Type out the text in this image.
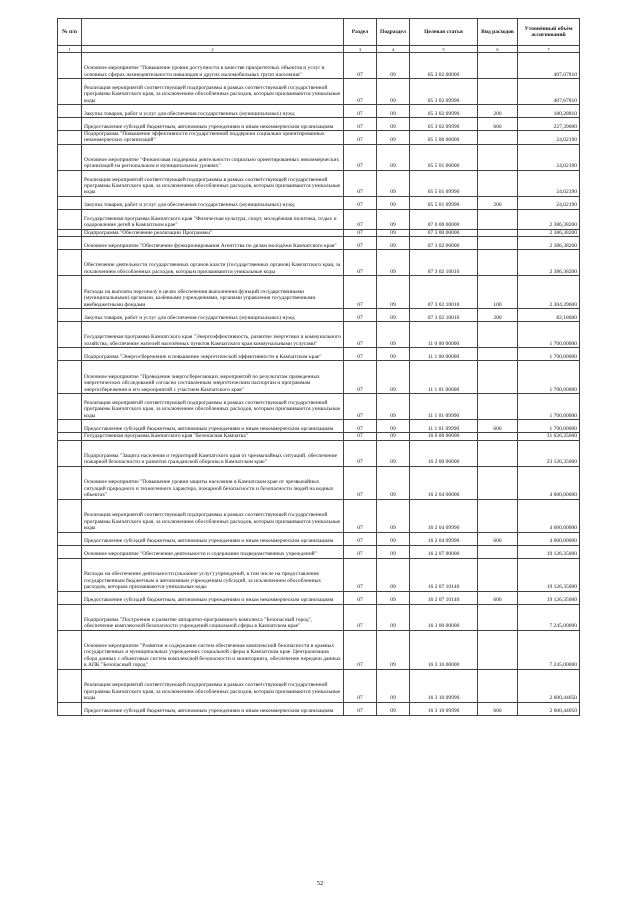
№ п/п		Раздел	Подраздел	Целевая статья	Вид расходов	Уточнённый объём ассигнований
1	2	3	4	5	6	7
	Основное мероприятие "Повышение уровня доступности в качестве приоритетных объектов и услуг в основных сферах жизнедеятельности инвалидов и других маломобильных групп населения"	07	09	05 3 02 00000		407,67810
	Реализация мероприятий соответствующей подпрограммы в рамках соответствующей государственной программы Камчатского края, за исключением обособленных расходов, которым присваиваются уникальные коды	07	09	05 3 02 09990		407,67810
	Закупка товаров, работ и услуг для обеспечения государственных (муниципальных) нужд	07	09	05 3 02 09990	200	180,28810
	Предоставление субсидий бюджетным, автономным учреждениям и иным некоммерческим организациям	07	09	05 3 02 09990	600	227,39000
	Подпрограмма "Повышение эффективности государственной поддержки социально ориентированных некоммерческих организаций"	07	09	05 5 00 00000		24,02190
	Основное мероприятие "Финансовая поддержка деятельности социально ориентированных некоммерческих организаций на региональном и муниципальном уровнях"	07	09	05 5 01 00000		24,02190
	Реализация мероприятий соответствующей подпрограммы в рамках соответствующей государственной программы Камчатского края, за исключением обособленных расходов, которым присваиваются уникальные коды	07	09	05 5 01 09990		24,02190
	Закупка товаров, работ и услуг для обеспечения государственных (муниципальных) нужд	07	09	05 5 01 09990	200	24,02190
	Государственная программа Камчатского края "Физическая культура, спорт, молодёжная политика, отдых и оздоровление детей в Камчатском крае"	07	09	07 0 00 00000		2 386,38200
	Подпрограмма "Обеспечение реализации Программы"	07	09	07 3 00 00000		2 386,38200
	Основное мероприятие "Обеспечение функционирования Агентства по делам молодёжи Камчатского края"	07	09	07 3 02 00000		2 386,38200
	Обеспечение деятельности государственных органов власти (государственных органов) Камчатского края, за исключением обособленных расходов, которым присваиваются уникальные коды	07	09	07 3 02 10010		2 386,38200
	Расходы на выплаты персоналу в целях обеспечения выполнения функций государственными (муниципальными) органами, казёнными учреждениями, органами управления государственными внебюджетными фондами	07	09	07 3 02 10010	100	2 304,39600
	Закупка товаров, работ и услуг для обеспечения государственных (муниципальных) нужд	07	09	07 3 02 10010	200	82,18600
	Государственная программа Камчатского края "Энергоэффективность, развитие энергетики и коммунального хозяйства, обеспечение жителей населённых пунктов Камчатского края коммунальными услугами"	07	09	11 0 00 00000		1 700,00000
	Подпрограмма "Энергосбережение и повышение энергетической эффективности в Камчатском крае"	07	09	11 1 00 00000		1 700,00000
	Основное мероприятие "Проведение энергосберегающих мероприятий по результатам проведенных энергетических обследований согласно составленным энергетическим паспортам и программам энергосбережения и его мероприятий с участием Камчатского края"	07	09	11 1 01 00000		1 700,00000
	Реализация мероприятий соответствующей подпрограммы в рамках соответствующей государственной программы Камчатского края, за исключением обособленных расходов, которым присваиваются уникальные коды	07	09	11 1 01 09990		1 700,00000
	Предоставление субсидий бюджетным, автономным учреждениям и иным некоммерческим организациям	07	09	11 1 01 09990	600	1 700,00000
	Государственная программа Камчатского края "Безопасная Камчатка"	07	09	16 0 00 00000		31 626,35000
	Подпрограмма "Защита населения и территорий Камчатского края от чрезвычайных ситуаций, обеспечение пожарной безопасности и развитие гражданской обороны в Камчатском крае"	07	09	16 2 00 00000		23 126,35000
	Основное мероприятие "Повышение уровня защиты населения в Камчатском крае от чрезвычайных ситуаций природного и техногенного характера, пожарной безопасности и безопасности людей на водных объектах"	07	09	16 2 04 00000		4 000,00000
	Реализация мероприятий соответствующей подпрограммы в рамках соответствующей государственной программы Камчатского края, за исключением обособленных расходов, которым присваиваются уникальные коды	07	09	16 2 04 09990		4 000,00000
	Предоставление субсидий бюджетным, автономным учреждениям и иным некоммерческим организациям	07	09	16 2 04 09990	600	4 000,00000
	Основное мероприятие "Обеспечение деятельности и содержание подведомственных учреждений"	07	09	16 2 07 00000		19 126,35000
	Расходы на обеспечение деятельности (оказание услуг) учреждений, в том числе на предоставление государственным бюджетным и автономным учреждениям субсидий, за исключением обособленных расходов, которым присваиваются уникальные коды	07	09	16 2 07 10140		19 126,35000
	Предоставление субсидий бюджетным, автономным учреждениям и иным некоммерческим организациям	07	09	16 2 07 10140	600	19 126,35000
	Подпрограмма "Построение и развитие аппаратно-программного комплекса "Безопасный город", обеспечение комплексной безопасности учреждений социальной сферы в Камчатском крае"	07	09	16 3 00 00000		7 245,00000
	Основное мероприятие "Развитие и содержание систем обеспечения комплексной безопасности в краевых государственных и муниципальных учреждениях социальной сферы в Камчатском крае. Централизация сбора данных с объектовых систем комплексной безопасности и мониторинга, обеспечение передачи данных в АПК "Безопасный город"	07	09	16 3 10 00000		7 245,00000
	Реализация мероприятий соответствующей подпрограммы в рамках соответствующей государственной программы Камчатского края, за исключением обособленных расходов, которым присваиваются уникальные коды	07	09	16 3 10 09990		2 600,44050
	Предоставление субсидий бюджетным, автономным учреждениям и иным некоммерческим организациям	07	09	16 3 10 09990	600	2 600,44050
52
